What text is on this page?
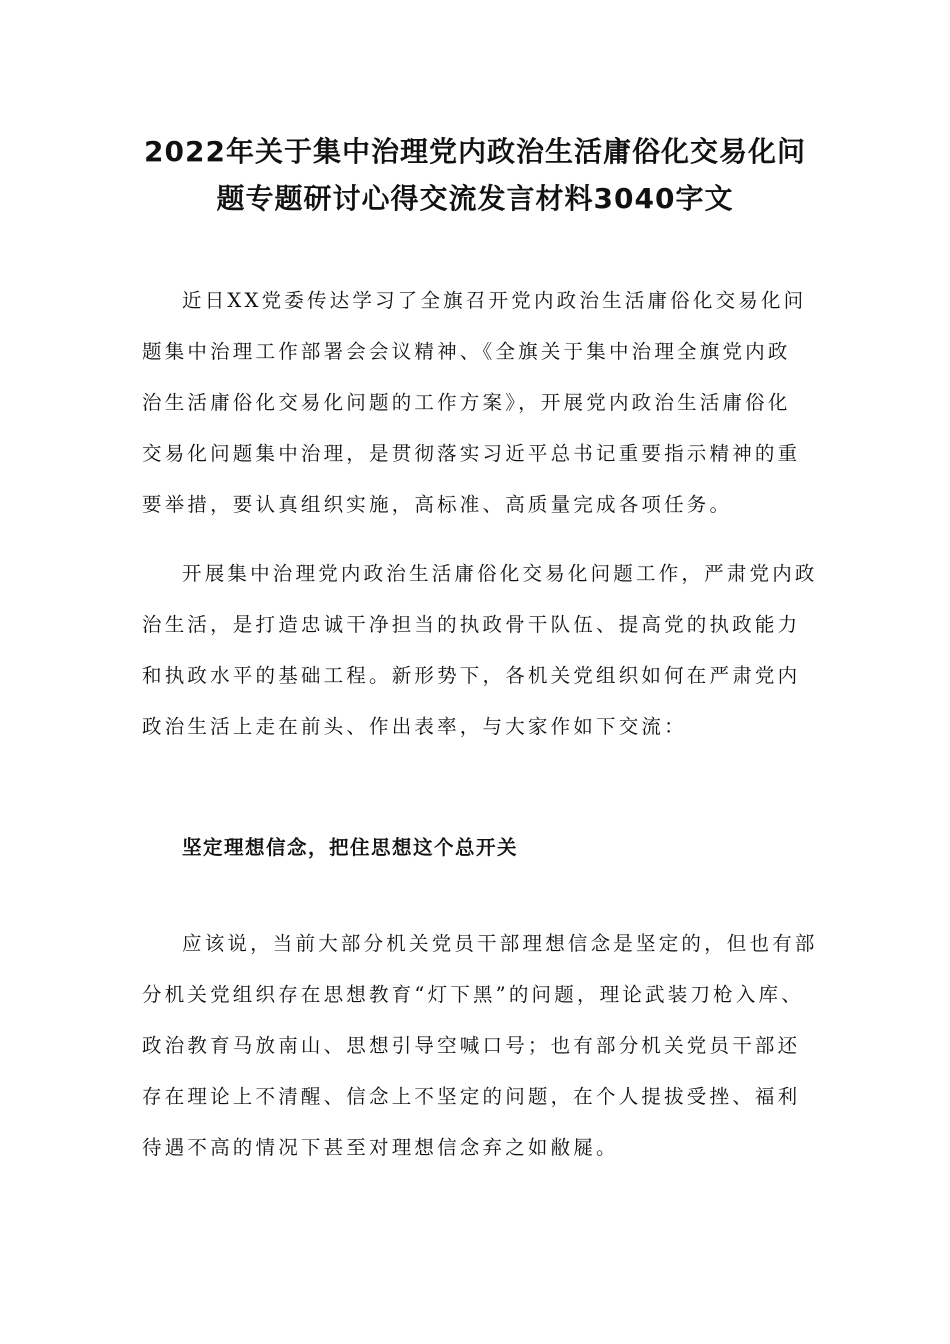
2022年关于集中治理党内政治生活庸俗化交易化问
题专题研讨心得交流发言材料3040字文

近日XX党委传达学习了全旗召开党内政治生活庸俗化交易化问
题集中治理工作部署会会议精神、《全旗关于集中治理全旗党内政
治生活庸俗化交易化问题的工作方案》，开展党内政治生活庸俗化
交易化问题集中治理，是贯彻落实习近平总书记重要指示精神的重
要举措，要认真组织实施，高标准、高质量完成各项任务。

开展集中治理党内政治生活庸俗化交易化问题工作，严肃党内政
治生活，是打造忠诚干净担当的执政骨干队伍、提高党的执政能力
和执政水平的基础工程。新形势下，各机关党组织如何在严肃党内
政治生活上走在前头、作出表率，与大家作如下交流：

坚定理想信念，把住思想这个总开关

应该说，当前大部分机关党员干部理想信念是坚定的，但也有部
分机关党组织存在思想教育“灯下黑”的问题，理论武装刀枪入库、
政治教育马放南山、思想引导空喊口号；也有部分机关党员干部还
存在理论上不清醒、信念上不坚定的问题，在个人提拔受挫、福利
待遇不高的情况下甚至对理想信念弃之如敝屣。
